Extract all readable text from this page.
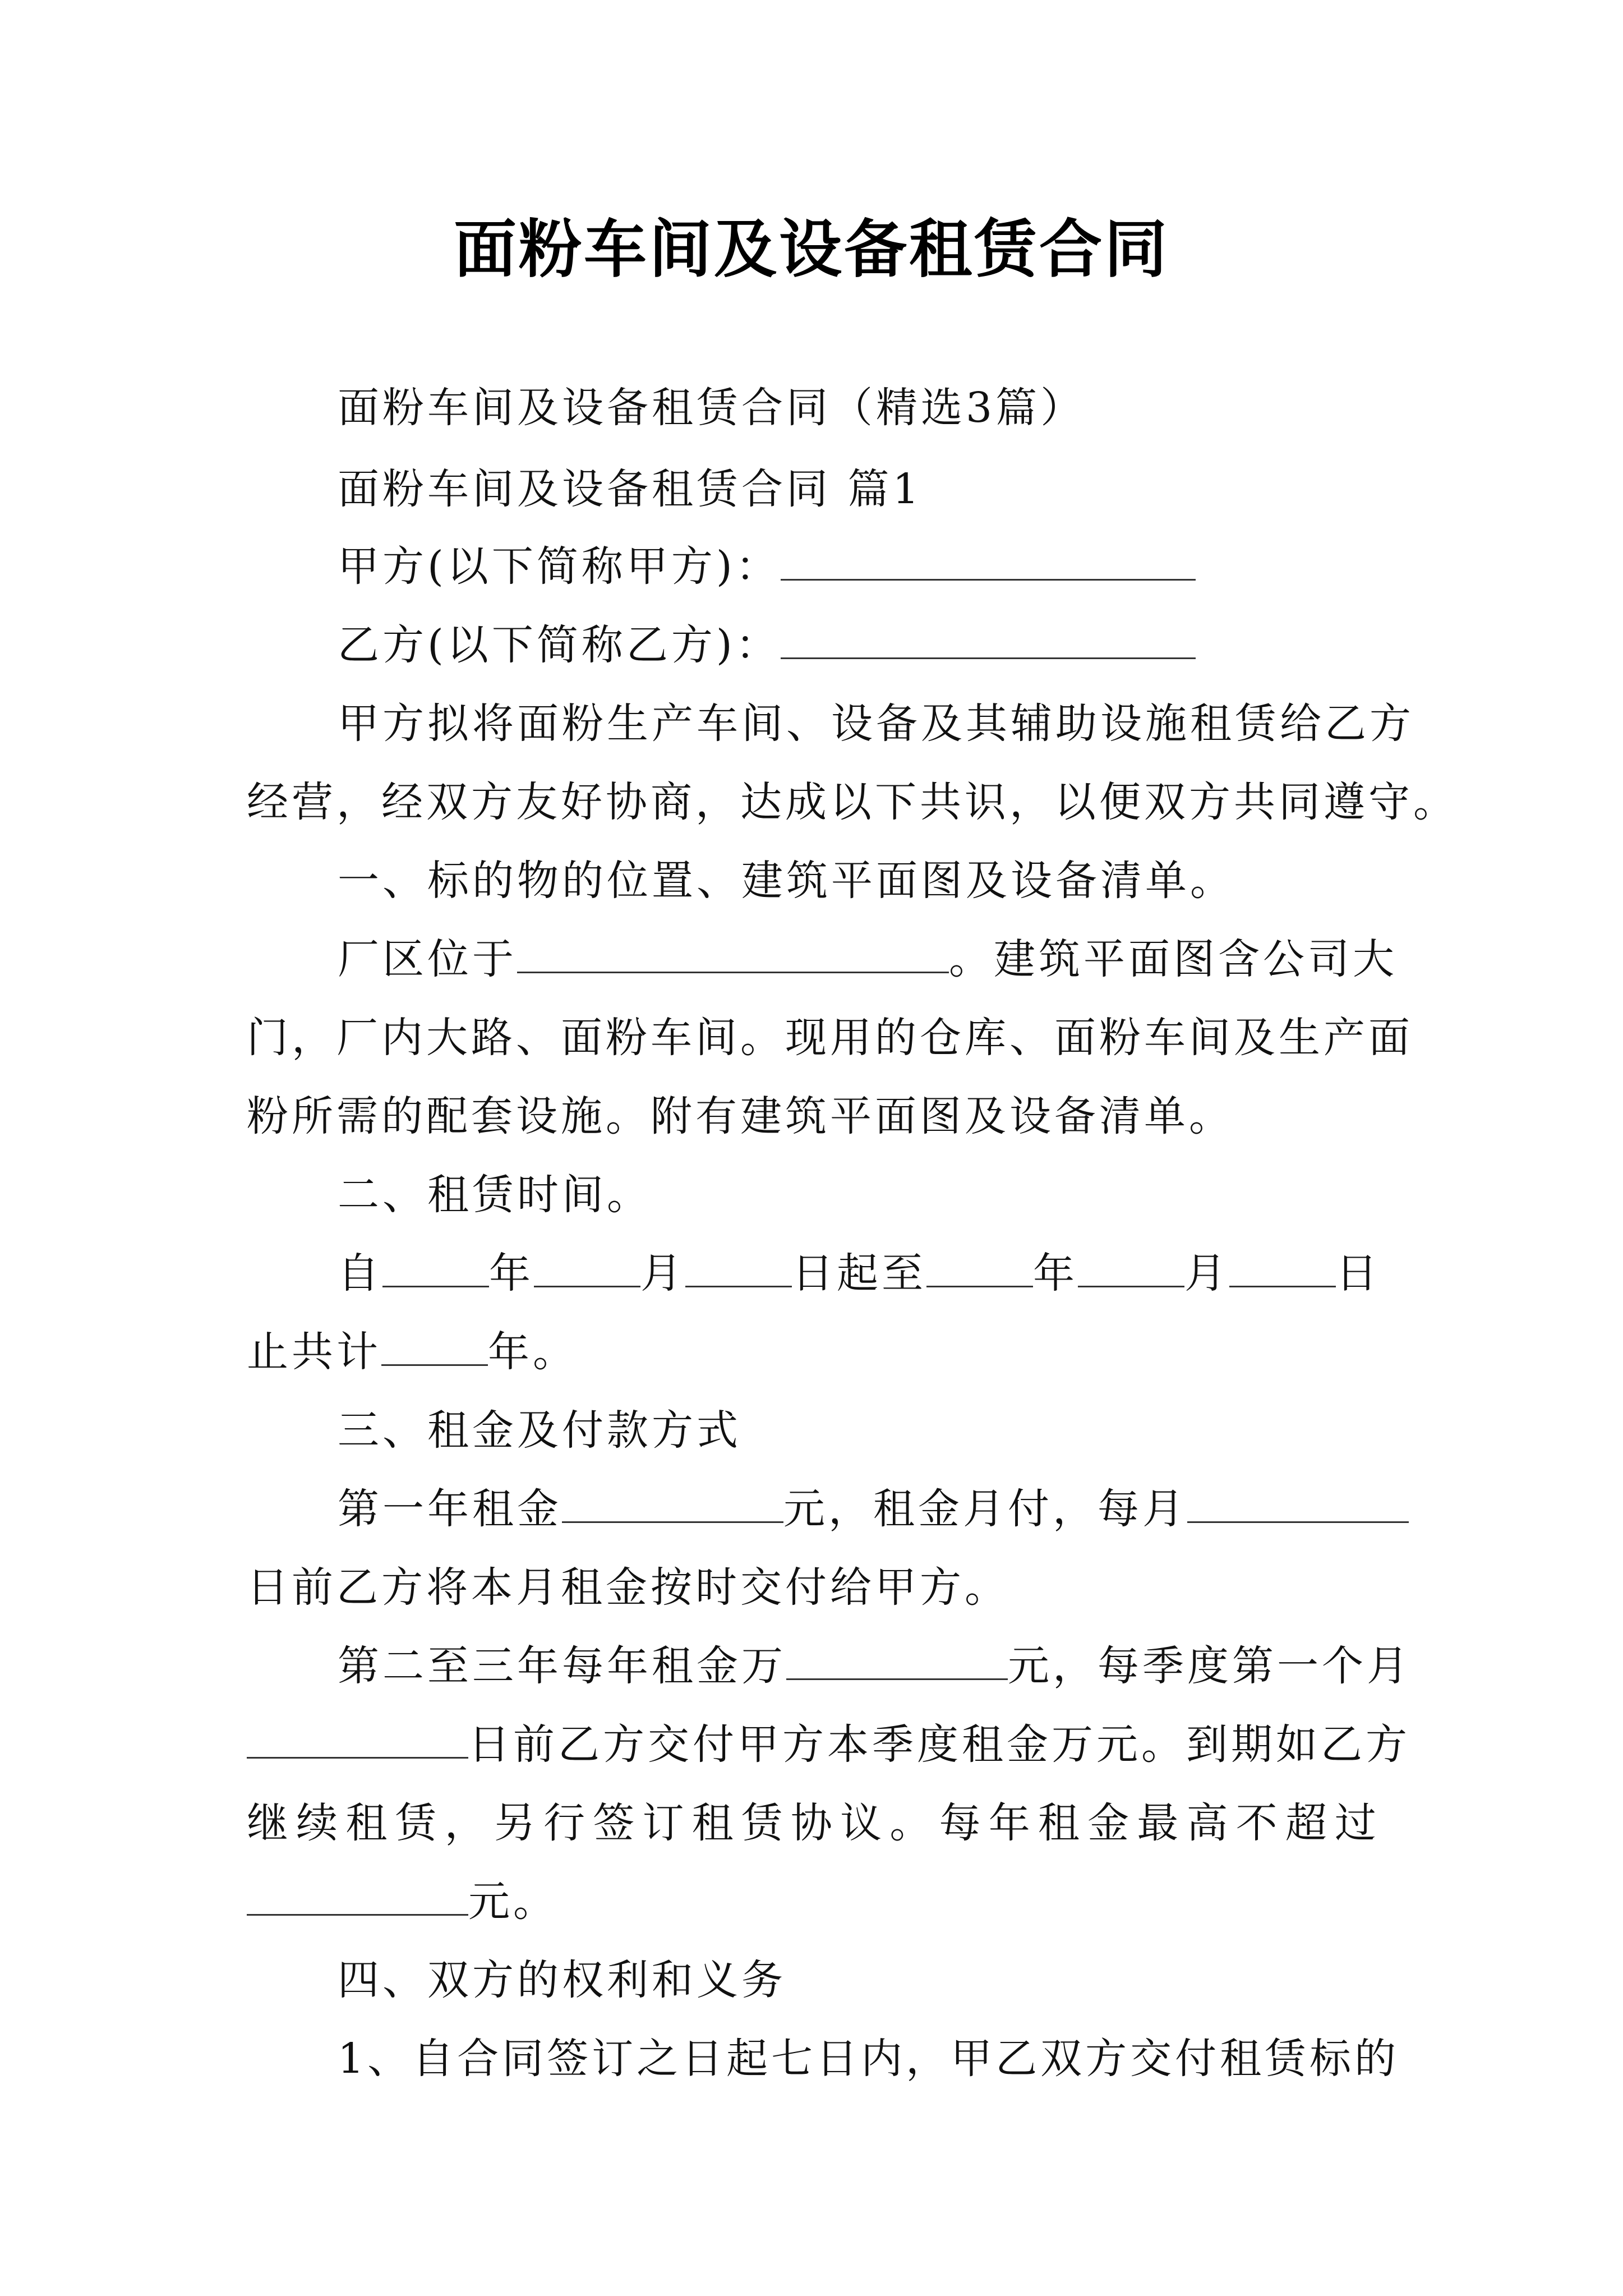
面粉车间及设备租赁合同
面粉车间及设备租赁合同（精选3篇）
面粉车间及设备租赁合同 篇1
甲方(以下简称甲方)：
乙方(以下简称乙方)：
甲方拟将面粉生产车间、设备及其辅助设施租赁给乙方
经营，经双方友好协商，达成以下共识，以便双方共同遵守。
一、标的物的位置、建筑平面图及设备清单。
厂区位于	。建筑平面图含公司大
门，厂内大路、面粉车间。现用的仓库、面粉车间及生产面
粉所需的配套设施。附有建筑平面图及设备清单。
二、租赁时间。
自	年	月	日起至	年	月	日
止共计	年。
三、租金及付款方式
第一年租金	元，租金月付，每月
日前乙方将本月租金按时交付给甲方。
第二至三年每年租金万	元，每季度第一个月
日前乙方交付甲方本季度租金万元。到期如乙方
继续租赁，另行签订租赁协议。每年租金最高不超过
元。
四、双方的权利和义务
1、自合同签订之日起七日内，甲乙双方交付租赁标的
